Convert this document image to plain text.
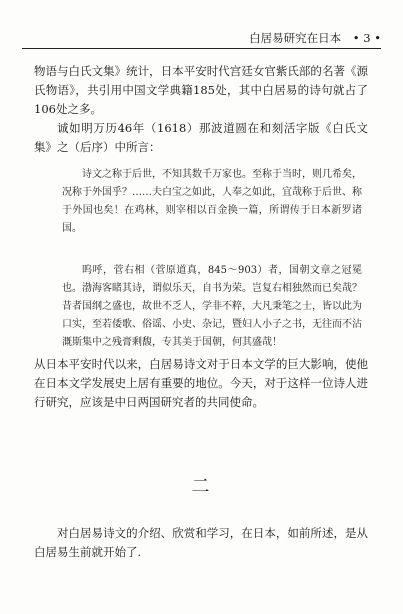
白居易研究在日本 • 3 •
物语与白氏文集》统计，日本平安时代宫廷女官紫氏部的名著《源氏物语》，共引用中国文学典籍185处，其中白居易的诗句就占了106处之多。
诚如明万历46年（1618）那波道圆在和刻活字版《白氏文集》之（后序）中所言：
诗文之称于后世，不知其数千万家也。至称于当时，则几希矣，况称于外国乎？……夫白宝之如此，人奉之如此，宜哉称于后世、称于外国也矣！在鸡林，则宰相以百金换一篇，所谓传于日本新罗诸国。
呜呼，菅右相（菅原道真，845～903）者，国朝文章之冠冕也。渤海客睹其诗，谓似乐天，自书为荣。岂复右相独然而已矣哉？昔者国纲之盛也，故世不乏人，学非不粹，大凡秉笔之士，皆以此为口实，至若倭歌、俗谣、小史、杂记，暨妇人小子之书，无往而不沾溉斯集中之残膏剩馥，专其美于国朝，何其盛哉！
从日本平安时代以来，白居易诗文对于日本文学的巨大影响，使他在日本文学发展史上居有重要的地位。今天，对于这样一位诗人进行研究，应该是中日两国研究者的共同使命。
二
对白居易诗文的介绍、欣赏和学习，在日本，如前所述，是从白居易生前就开始了.
